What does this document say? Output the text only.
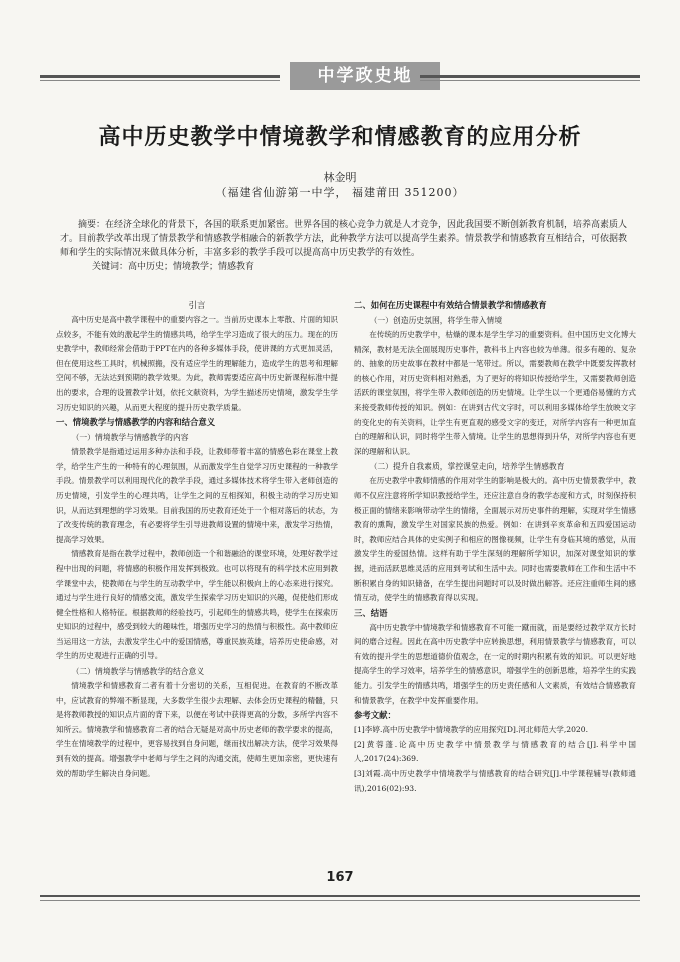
中学政史地
高中历史教学中情境教学和情感教育的应用分析
林金明
（福建省仙游第一中学， 福建莆田 351200）

摘要：在经济全球化的背景下，各国的联系更加紧密。世界各国的核心竞争力就是人才竞争，因此我国要不断创新教育机制，培养高素质人才。目前教学改革出现了情景教学和情感教学相融合的新教学方法，此种教学方法可以提高学生素养。情景教学和情感教育互相结合，可依据教师和学生的实际情况来做具体分析，丰富多彩的教学手段可以提高高中历史教学的有效性。

关键词：高中历史；情境教学；情感教育

引言

高中历史是高中教学课程中的重要内容之一。当前历史课本上零散、片面的知识点较多，不能有效的激起学生的情感共鸣，给学生学习造成了很大的压力。现在的历史教学中，教师经常会借助于PPT在内的各种多媒体手段，使讲课的方式更加灵活，但在使用这些工具时，机械照搬，没有适应学生的理解能力，造成学生的思考和理解空间不够，无法达到预期的教学效果。为此，教师需要适应高中历史新课程标准中提出的要求，合理的设置教学计划，依托文献资料，为学生描述历史情境，激发学生学习历史知识的兴趣，从而更大程度的提升历史教学质量。

一、情境教学与情感教学的内容和结合意义
（一）情境教学与情感教学的内容

情景教学是指通过运用多种办法和手段，让教师带着丰富的情感色彩在课堂上教学，给学生产生的一种特有的心理氛围，从而激发学生自觉学习历史课程的一种教学手段。情景教学可以利用现代化的教学手段，通过多媒体技术将学生带入老师创造的历史情境，引发学生的心理共鸣，让学生之间的互相探知，积极主动的学习历史知识，从而达到理想的学习效果。目前我国的历史教育还处于一个相对落后的状态，为了改变传统的教育理念，有必要将学生引导进教师设置的情境中来，激发学习热情，提高学习效果。

情感教育是指在教学过程中，教师创造一个和谐融洽的课堂环境，处理好教学过程中出现的问题，将情感的积极作用发挥到极致。也可以将现有的科学技术应用到教学课堂中去，使教师在与学生的互动教学中，学生能以积极向上的心态来进行探究。通过与学生进行良好的情感交流，激发学生探索学习历史知识的兴趣，促使他们形成健全性格和人格特征。根据教师的经验技巧，引起师生的情感共鸣，使学生在探索历史知识的过程中，感受到较大的趣味性，增强历史学习的热情与积极性。高中教师应当运用这一方法，去激发学生心中的爱国情感，尊重民族英雄，培养历史使命感，对学生的历史观进行正确的引导。

（二）情境教学与情感教学的结合意义

情境教学和情感教育二者有着十分密切的关系，互相促进。在教育的不断改革中，应试教育的弊端不断显现，大多数学生很少去理解、去体会历史课程的精髓，只是将教师教授的知识点片面的背下来，以便在考试中获得更高的分数，多所学内容不知所云。情境教学和情感教育二者的结合无疑是对高中历史老师的教学要求的提高，学生在情境教学的过程中，更容易找到自身问题，继而找出解决方法，使学习效果得到有效的提高。增强教学中老师与学生之间的沟通交流，使师生更加亲密，更快速有效的帮助学生解决自身问题。

二、如何在历史课程中有效结合情景教学和情感教育
（一）创造历史氛围，将学生带入情境

在传统的历史教学中，枯燥的课本是学生学习的重要资料。但中国历史文化博大精深，教材是无法全面展现历史事件，教科书上内容也较为单薄。很多有趣的、复杂的、抽象的历史故事在教材中都是一笔带过。所以，需要教师在教学中既要发挥教材的核心作用，对历史资料相对熟悉，为了更好的将知识传授给学生，又需要教师创造活跃的课堂氛围，将学生带入教师创造的历史情境。让学生以一个更通俗易懂的方式来接受教师传授的知识。例如：在讲到古代文字时，可以利用多媒体给学生放映文字的变化史的有关资料，让学生有更直观的感受文字的变迁，对所学内容有一种更加直白的理解和认识，同时将学生带入情境。让学生的思想得到升华，对所学内容也有更深的理解和认识。

（二）提升自我素质，掌控课堂走向，培养学生情感教育

在历史教学中教师情感的作用对学生的影响是极大的。高中历史情景教学中，教师不仅应注意将所学知识教授给学生，还应注意自身的教学态度和方式，时刻保持积极正面的情绪来影响带动学生的情绪，全面展示对历史事件的理解，实现对学生情感教育的熏陶，激发学生对国家民族的热爱。例如：在讲到辛亥革命和五四爱国运动时，教师应结合具体的史实例子和相应的图像视频，让学生有身临其境的感觉，从而激发学生的爱国热情。这样有助于学生深刻的理解所学知识，加深对课堂知识的掌握，进而活跃思维灵活的应用到考试和生活中去。同时也需要教师在工作和生活中不断积累自身的知识储备，在学生提出问题时可以及时做出解答。还应注重师生间的感情互动，使学生的情感教育得以实现。

三、结语

高中历史教学中情境教学和情感教育不可能一蹴而就，而是要经过教学双方长时间的磨合过程。因此在高中历史教学中应转换思想，利用情景教学与情感教育，可以有效的提升学生的思想道德价值观念，在一定的时期内积累有效的知识。可以更好地提高学生的学习效率，培养学生的情感意识，增强学生的创新思维，培养学生的实践能力。引发学生的情感共鸣，增强学生的历史责任感和人文素质，有效结合情感教育和情景教学，在教学中发挥重要作用。

参考文献：

[1]李婷.高中历史教学中情境教学的应用探究[D].河北师范大学,2020.

[2]黄蓉蓬.论高中历史教学中情景教学与情感教育的结合[J].科学中国人,2017(24):369.

[3]刘霞.高中历史教学中情境教学与情感教育的结合研究[J].中学课程辅导(教师通讯),2016(02):93.

167
